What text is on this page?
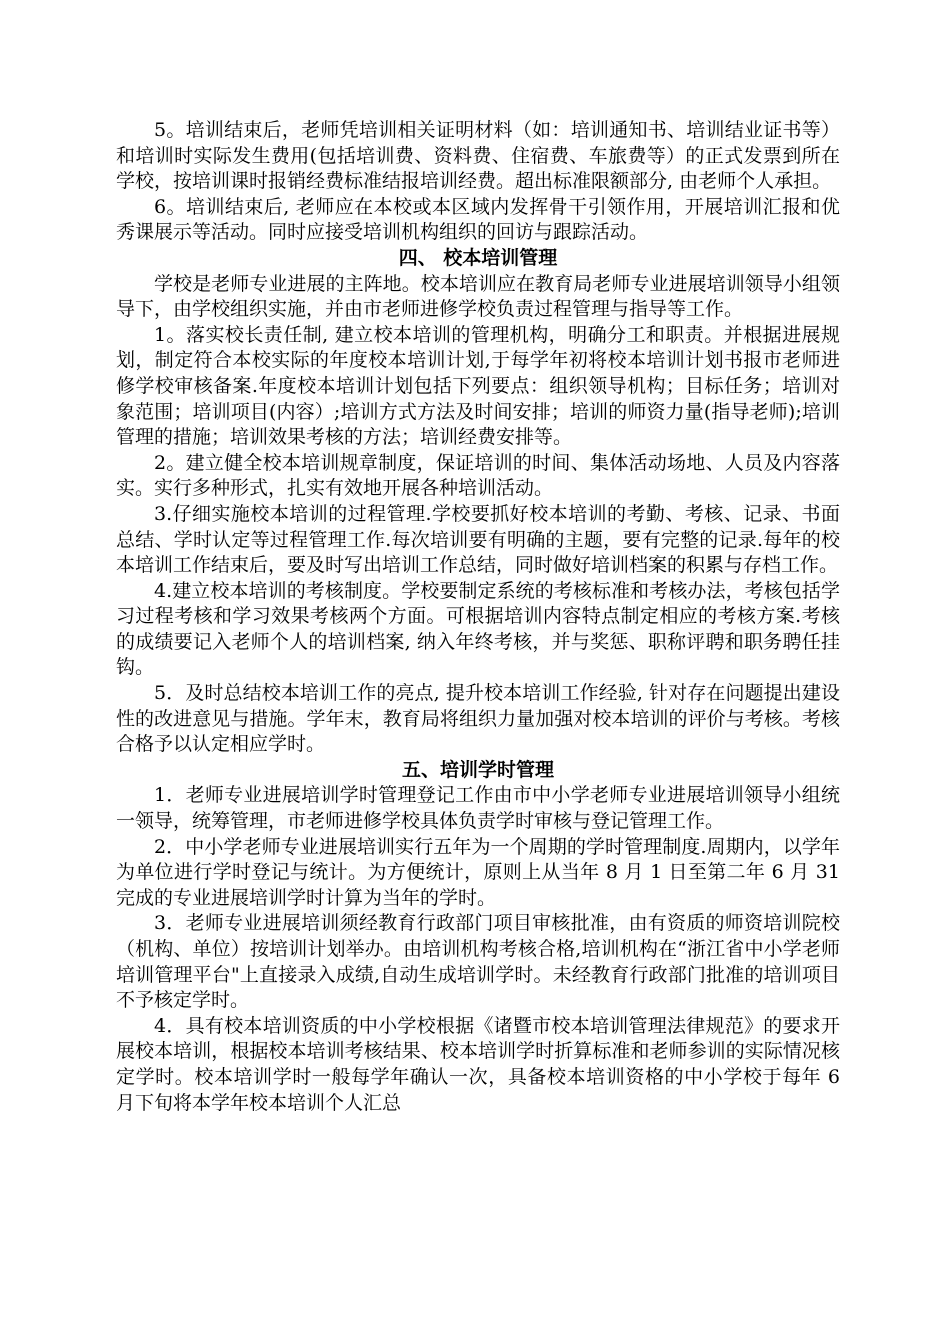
5。培训结束后，老师凭培训相关证明材料（如：培训通知书、培训结业证书等）和培训时实际发生费用(包括培训费、资料费、住宿费、车旅费等）的正式发票到所在学校，按培训课时报销经费标准结报培训经费。超出标准限额部分, 由老师个人承担。

6。培训结束后, 老师应在本校或本区域内发挥骨干引领作用，开展培训汇报和优秀课展示等活动。同时应接受培训机构组织的回访与跟踪活动。

四、 校本培训管理

学校是老师专业进展的主阵地。校本培训应在教育局老师专业进展培训领导小组领导下，由学校组织实施，并由市老师进修学校负责过程管理与指导等工作。

1。落实校长责任制, 建立校本培训的管理机构，明确分工和职责。并根据进展规划，制定符合本校实际的年度校本培训计划,于每学年初将校本培训计划书报市老师进修学校审核备案.年度校本培训计划包括下列要点：组织领导机构；目标任务；培训对象范围；培训项目(内容）;培训方式方法及时间安排；培训的师资力量(指导老师);培训管理的措施；培训效果考核的方法；培训经费安排等。

2。建立健全校本培训规章制度，保证培训的时间、集体活动场地、人员及内容落实。实行多种形式，扎实有效地开展各种培训活动。

3.仔细实施校本培训的过程管理.学校要抓好校本培训的考勤、考核、记录、书面总结、学时认定等过程管理工作.每次培训要有明确的主题，要有完整的记录.每年的校本培训工作结束后，要及时写出培训工作总结，同时做好培训档案的积累与存档工作。

4.建立校本培训的考核制度。学校要制定系统的考核标准和考核办法，考核包括学习过程考核和学习效果考核两个方面。可根据培训内容特点制定相应的考核方案.考核的成绩要记入老师个人的培训档案, 纳入年终考核，并与奖惩、职称评聘和职务聘任挂钩。

5．及时总结校本培训工作的亮点, 提升校本培训工作经验, 针对存在问题提出建设性的改进意见与措施。学年末，教育局将组织力量加强对校本培训的评价与考核。考核合格予以认定相应学时。

五、培训学时管理

1．老师专业进展培训学时管理登记工作由市中小学老师专业进展培训领导小组统一领导，统筹管理，市老师进修学校具体负责学时审核与登记管理工作。

2．中小学老师专业进展培训实行五年为一个周期的学时管理制度.周期内，以学年为单位进行学时登记与统计。为方便统计，原则上从当年 8 月 1 日至第二年 6 月 31 完成的专业进展培训学时计算为当年的学时。

3．老师专业进展培训须经教育行政部门项目审核批准，由有资质的师资培训院校（机构、单位）按培训计划举办。由培训机构考核合格,培训机构在“浙江省中小学老师培训管理平台"上直接录入成绩,自动生成培训学时。未经教育行政部门批准的培训项目不予核定学时。

4．具有校本培训资质的中小学校根据《诸暨市校本培训管理法律规范》的要求开展校本培训，根据校本培训考核结果、校本培训学时折算标准和老师参训的实际情况核定学时。校本培训学时一般每学年确认一次，具备校本培训资格的中小学校于每年 6 月下旬将本学年校本培训个人汇总
